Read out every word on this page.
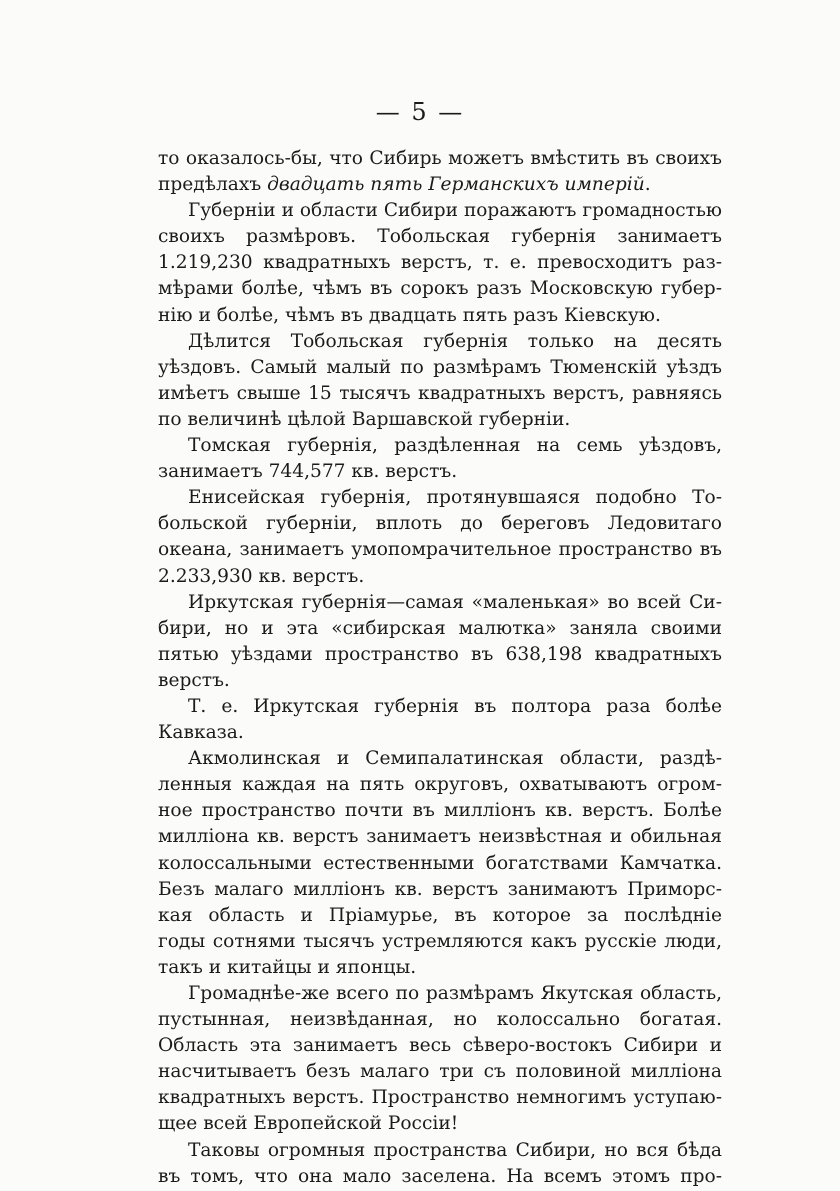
— 5 —
то оказалось-бы, что Сибирь можетъ вмѣстить въ своихъ
предѣлахъ двадцать пять Германскихъ имперій.
Губерніи и области Сибири поражаютъ громадностью
своихъ размѣровъ. Тобольская губернія занимаетъ
1.219,230 квадратныхъ верстъ, т. е. превосходитъ раз-
мѣрами болѣе, чѣмъ въ сорокъ разъ Московскую губер-
нію и болѣе, чѣмъ въ двадцать пять разъ Кіевскую.
Дѣлится Тобольская губернія только на десять
уѣздовъ. Самый малый по размѣрамъ Тюменскій уѣздъ
имѣетъ свыше 15 тысячъ квадратныхъ верстъ, равняясь
по величинѣ цѣлой Варшавской губерніи.
Томская губернія, раздѣленная на семь уѣздовъ,
занимаетъ 744,577 кв. верстъ.
Енисейская губернія, протянувшаяся подобно То-
больской губерніи, вплоть до береговъ Ледовитаго
океана, занимаетъ умопомрачительное пространство въ
2.233,930 кв. верстъ.
Иркутская губернія—самая «маленькая» во всей Си-
бири, но и эта «сибирская малютка» заняла своими
пятью уѣздами пространство въ 638,198 квадратныхъ
верстъ.
Т. е. Иркутская губернія въ полтора раза болѣе
Кавказа.
Акмолинская и Семипалатинская области, раздѣ-
ленныя каждая на пять округовъ, охватываютъ огром-
ное пространство почти въ милліонъ кв. верстъ. Болѣе
милліона кв. верстъ занимаетъ неизвѣстная и обильная
колоссальными естественными богатствами Камчатка.
Безъ малаго милліонъ кв. верстъ занимаютъ Приморс-
кая область и Пріамурье, въ которое за послѣдніе
годы сотнями тысячъ устремляются какъ русскіе люди,
такъ и китайцы и японцы.
Громаднѣе-же всего по размѣрамъ Якутская область,
пустынная, неизвѣданная, но колоссально богатая.
Область эта занимаетъ весь сѣверо-востокъ Сибири и
насчитываетъ безъ малаго три съ половиной милліона
квадратныхъ верстъ. Пространство немногимъ уступаю-
щее всей Европейской Россіи!
Таковы огромныя пространства Сибири, но вся бѣда
въ томъ, что она мало заселена. На всемъ этомъ про-
